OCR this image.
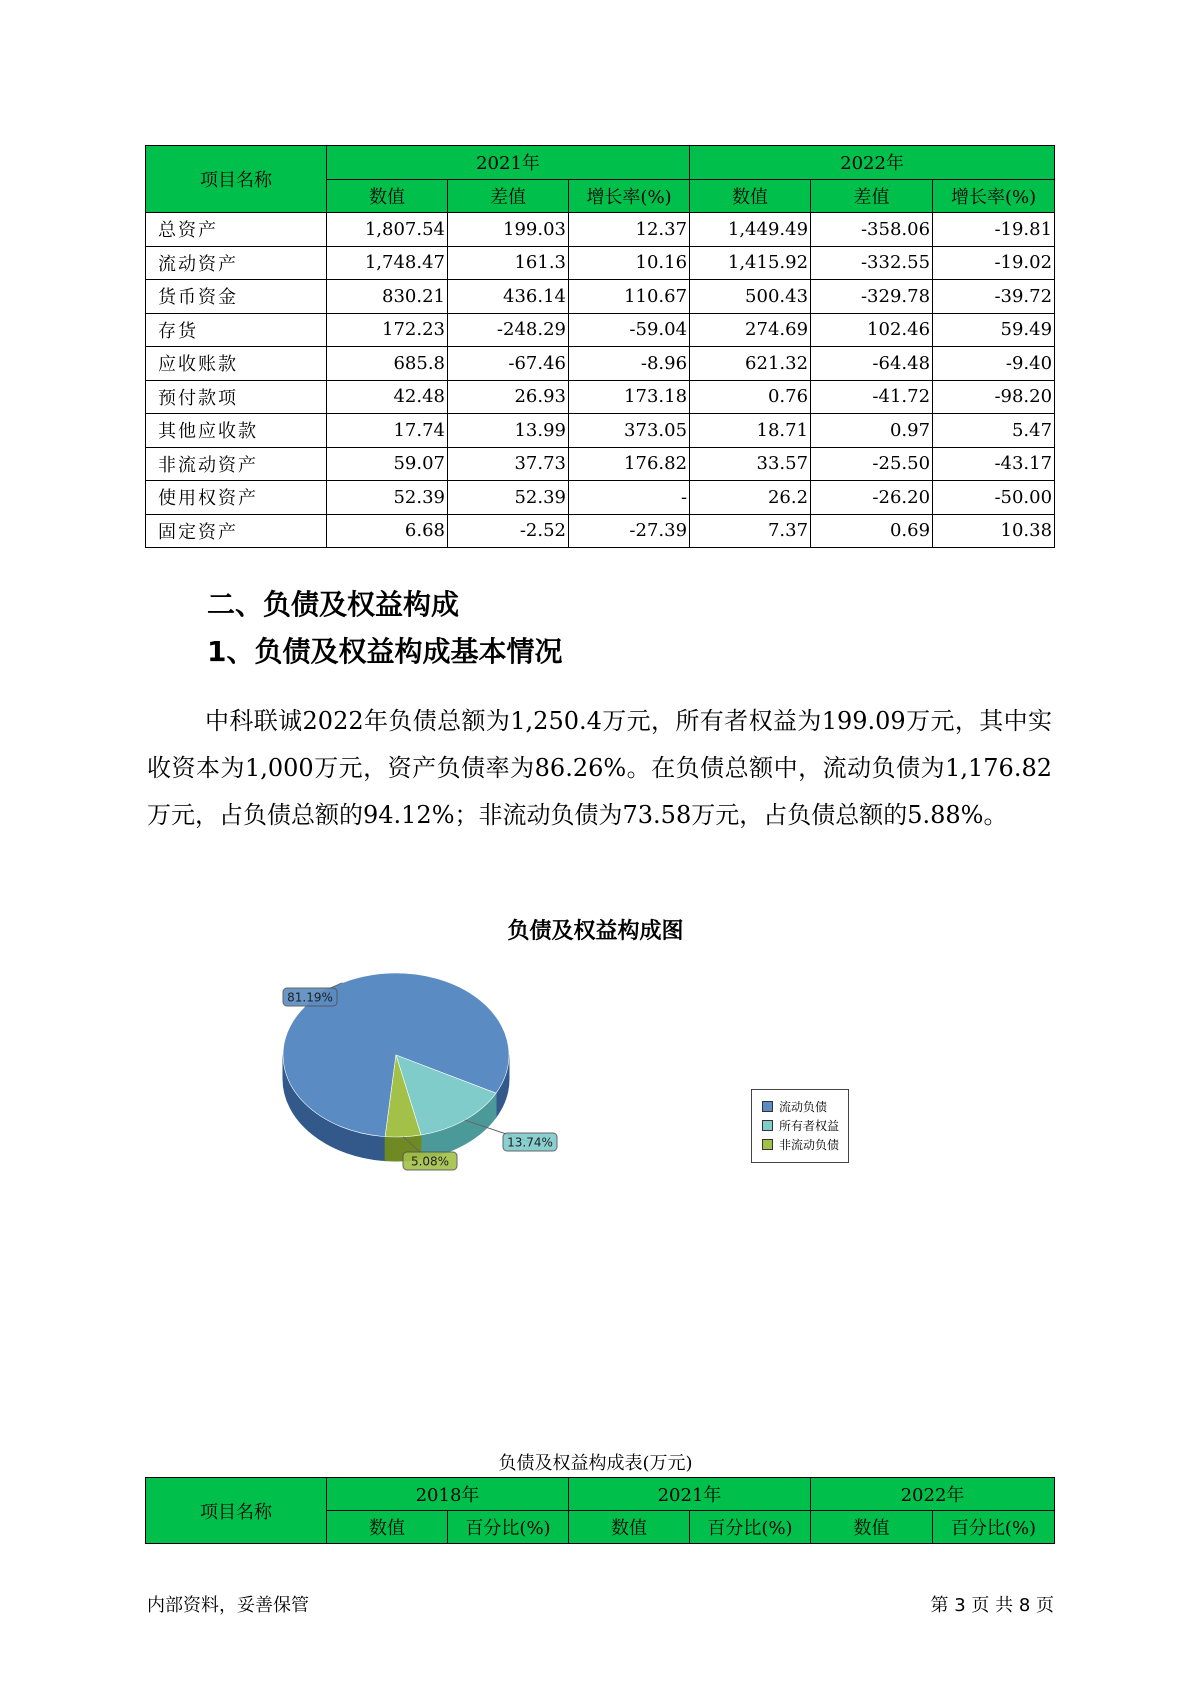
项目名称	2021年			2022年		
	数值	差值	增长率(%)	数值	差值	增长率(%)
总资产	1,807.54	199.03	12.37	1,449.49	-358.06	-19.81
流动资产	1,748.47	161.3	10.16	1,415.92	-332.55	-19.02
货币资金	830.21	436.14	110.67	500.43	-329.78	-39.72
存货	172.23	-248.29	-59.04	274.69	102.46	59.49
应收账款	685.8	-67.46	-8.96	621.32	-64.48	-9.40
预付款项	42.48	26.93	173.18	0.76	-41.72	-98.20
其他应收款	17.74	13.99	373.05	18.71	0.97	5.47
非流动资产	59.07	37.73	176.82	33.57	-25.50	-43.17
使用权资产	52.39	52.39	-	26.2	-26.20	-50.00
固定资产	6.68	-2.52	-27.39	7.37	0.69	10.38
二、负债及权益构成
1、负债及权益构成基本情况

中科联诚2022年负债总额为1,250.4万元，所有者权益为199.09万元，其中实收资本为1,000万元，资产负债率为86.26%。在负债总额中，流动负债为1,176.82万元，占负债总额的94.12%；非流动负债为73.58万元，占负债总额的5.88%。

负债及权益构成图
81.19%
13.74%
5.08%
流动负债
所有者权益
非流动负债
负债及权益构成表(万元)
项目名称	2018年		2021年		2022年	
	数值	百分比(%)	数值	百分比(%)	数值	百分比(%)
内部资料，妥善保管	第 3 页 共 8 页
